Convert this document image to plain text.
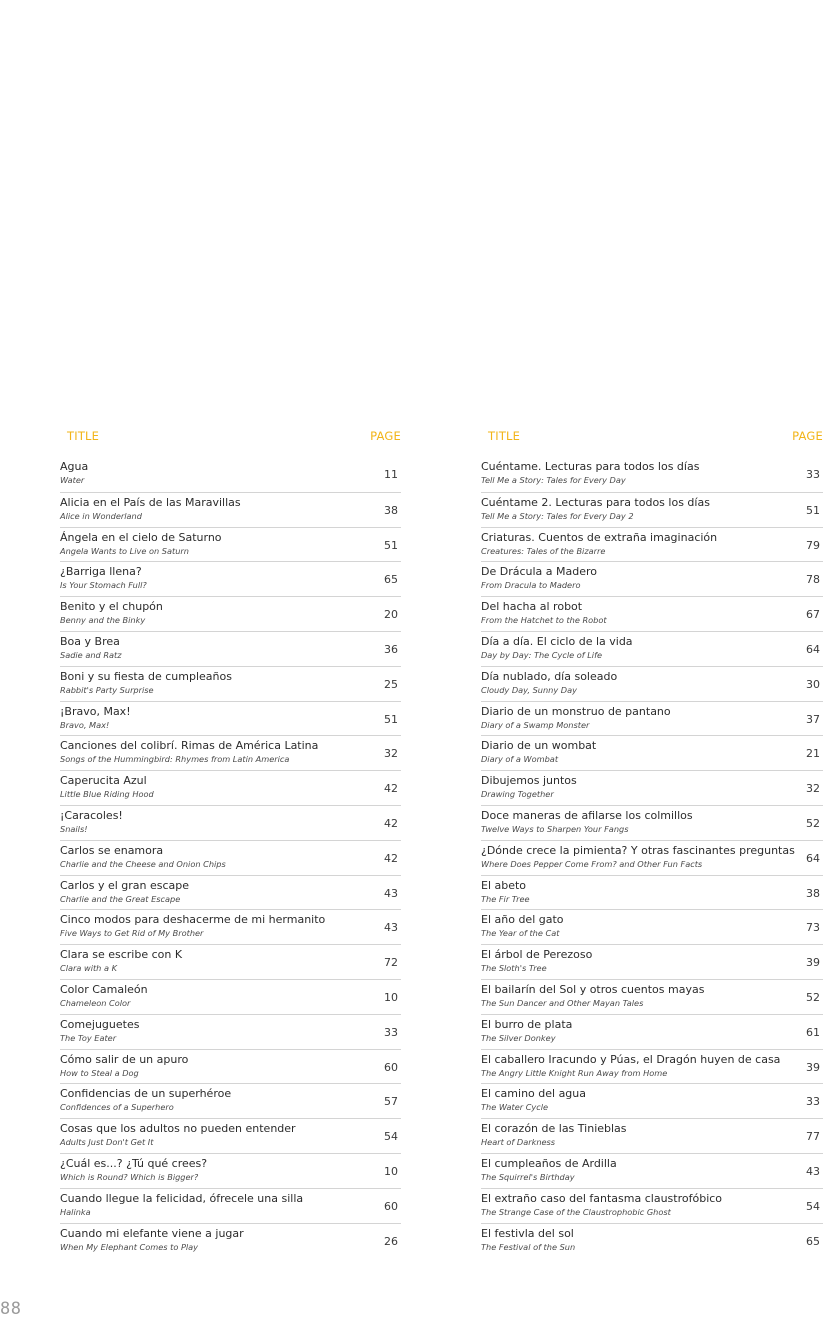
TITLE	PAGE
Agua
Water	11
Alicia en el País de las Maravillas
Alice in Wonderland	38
Ángela en el cielo de Saturno
Angela Wants to Live on Saturn	51
¿Barriga llena?
Is Your Stomach Full?	65
Benito y el chupón
Benny and the Binky	20
Boa y Brea
Sadie and Ratz	36
Boni y su fiesta de cumpleaños
Rabbit's Party Surprise	25
¡Bravo, Max!
Bravo, Max!	51
Canciones del colibrí. Rimas de América Latina
Songs of the Hummingbird: Rhymes from Latin America	32
Caperucita Azul
Little Blue Riding Hood	42
¡Caracoles!
Snails!	42
Carlos se enamora
Charlie and the Cheese and Onion Chips	42
Carlos y el gran escape
Charlie and the Great Escape	43
Cinco modos para deshacerme de mi hermanito
Five Ways to Get Rid of My Brother	43
Clara se escribe con K
Clara with a K	72
Color Camaleón
Chameleon Color	10
Comejuguetes
The Toy Eater	33
Cómo salir de un apuro
How to Steal a Dog	60
Confidencias de un superhéroe
Confidences of a Superhero	57
Cosas que los adultos no pueden entender
Adults Just Don't Get It	54
¿Cuál es...? ¿Tú qué crees?
Which is Round? Which is Bigger?	10
Cuando llegue la felicidad, ófrecele una silla
Halinka	60
Cuando mi elefante viene a jugar
When My Elephant Comes to Play	26
TITLE	PAGE
Cuéntame. Lecturas para todos los días
Tell Me a Story: Tales for Every Day	33
Cuéntame 2. Lecturas para todos los días
Tell Me a Story: Tales for Every Day 2	51
Criaturas. Cuentos de extraña imaginación
Creatures: Tales of the Bizarre	79
De Drácula a Madero
From Dracula to Madero	78
Del hacha al robot
From the Hatchet to the Robot	67
Día a día. El ciclo de la vida
Day by Day: The Cycle of Life	64
Día nublado, día soleado
Cloudy Day, Sunny Day	30
Diario de un monstruo de pantano
Diary of a Swamp Monster	37
Diario de un wombat
Diary of a Wombat	21
Dibujemos juntos
Drawing Together	32
Doce maneras de afilarse los colmillos
Twelve Ways to Sharpen Your Fangs	52
¿Dónde crece la pimienta? Y otras fascinantes preguntas
Where Does Pepper Come From? and Other Fun Facts	64
El abeto
The Fir Tree	38
El año del gato
The Year of the Cat	73
El árbol de Perezoso
The Sloth's Tree	39
El bailarín del Sol y otros cuentos mayas
The Sun Dancer and Other Mayan Tales	52
El burro de plata
The Silver Donkey	61
El caballero Iracundo y Púas, el Dragón huyen de casa
The Angry Little Knight Run Away from Home	39
El camino del agua
The Water Cycle	33
El corazón de las Tinieblas
Heart of Darkness	77
El cumpleaños de Ardilla
The Squirrel's Birthday	43
El extraño caso del fantasma claustrofóbico
The Strange Case of the Claustrophobic Ghost	54
El festivla del sol
The Festival of the Sun	65
88
